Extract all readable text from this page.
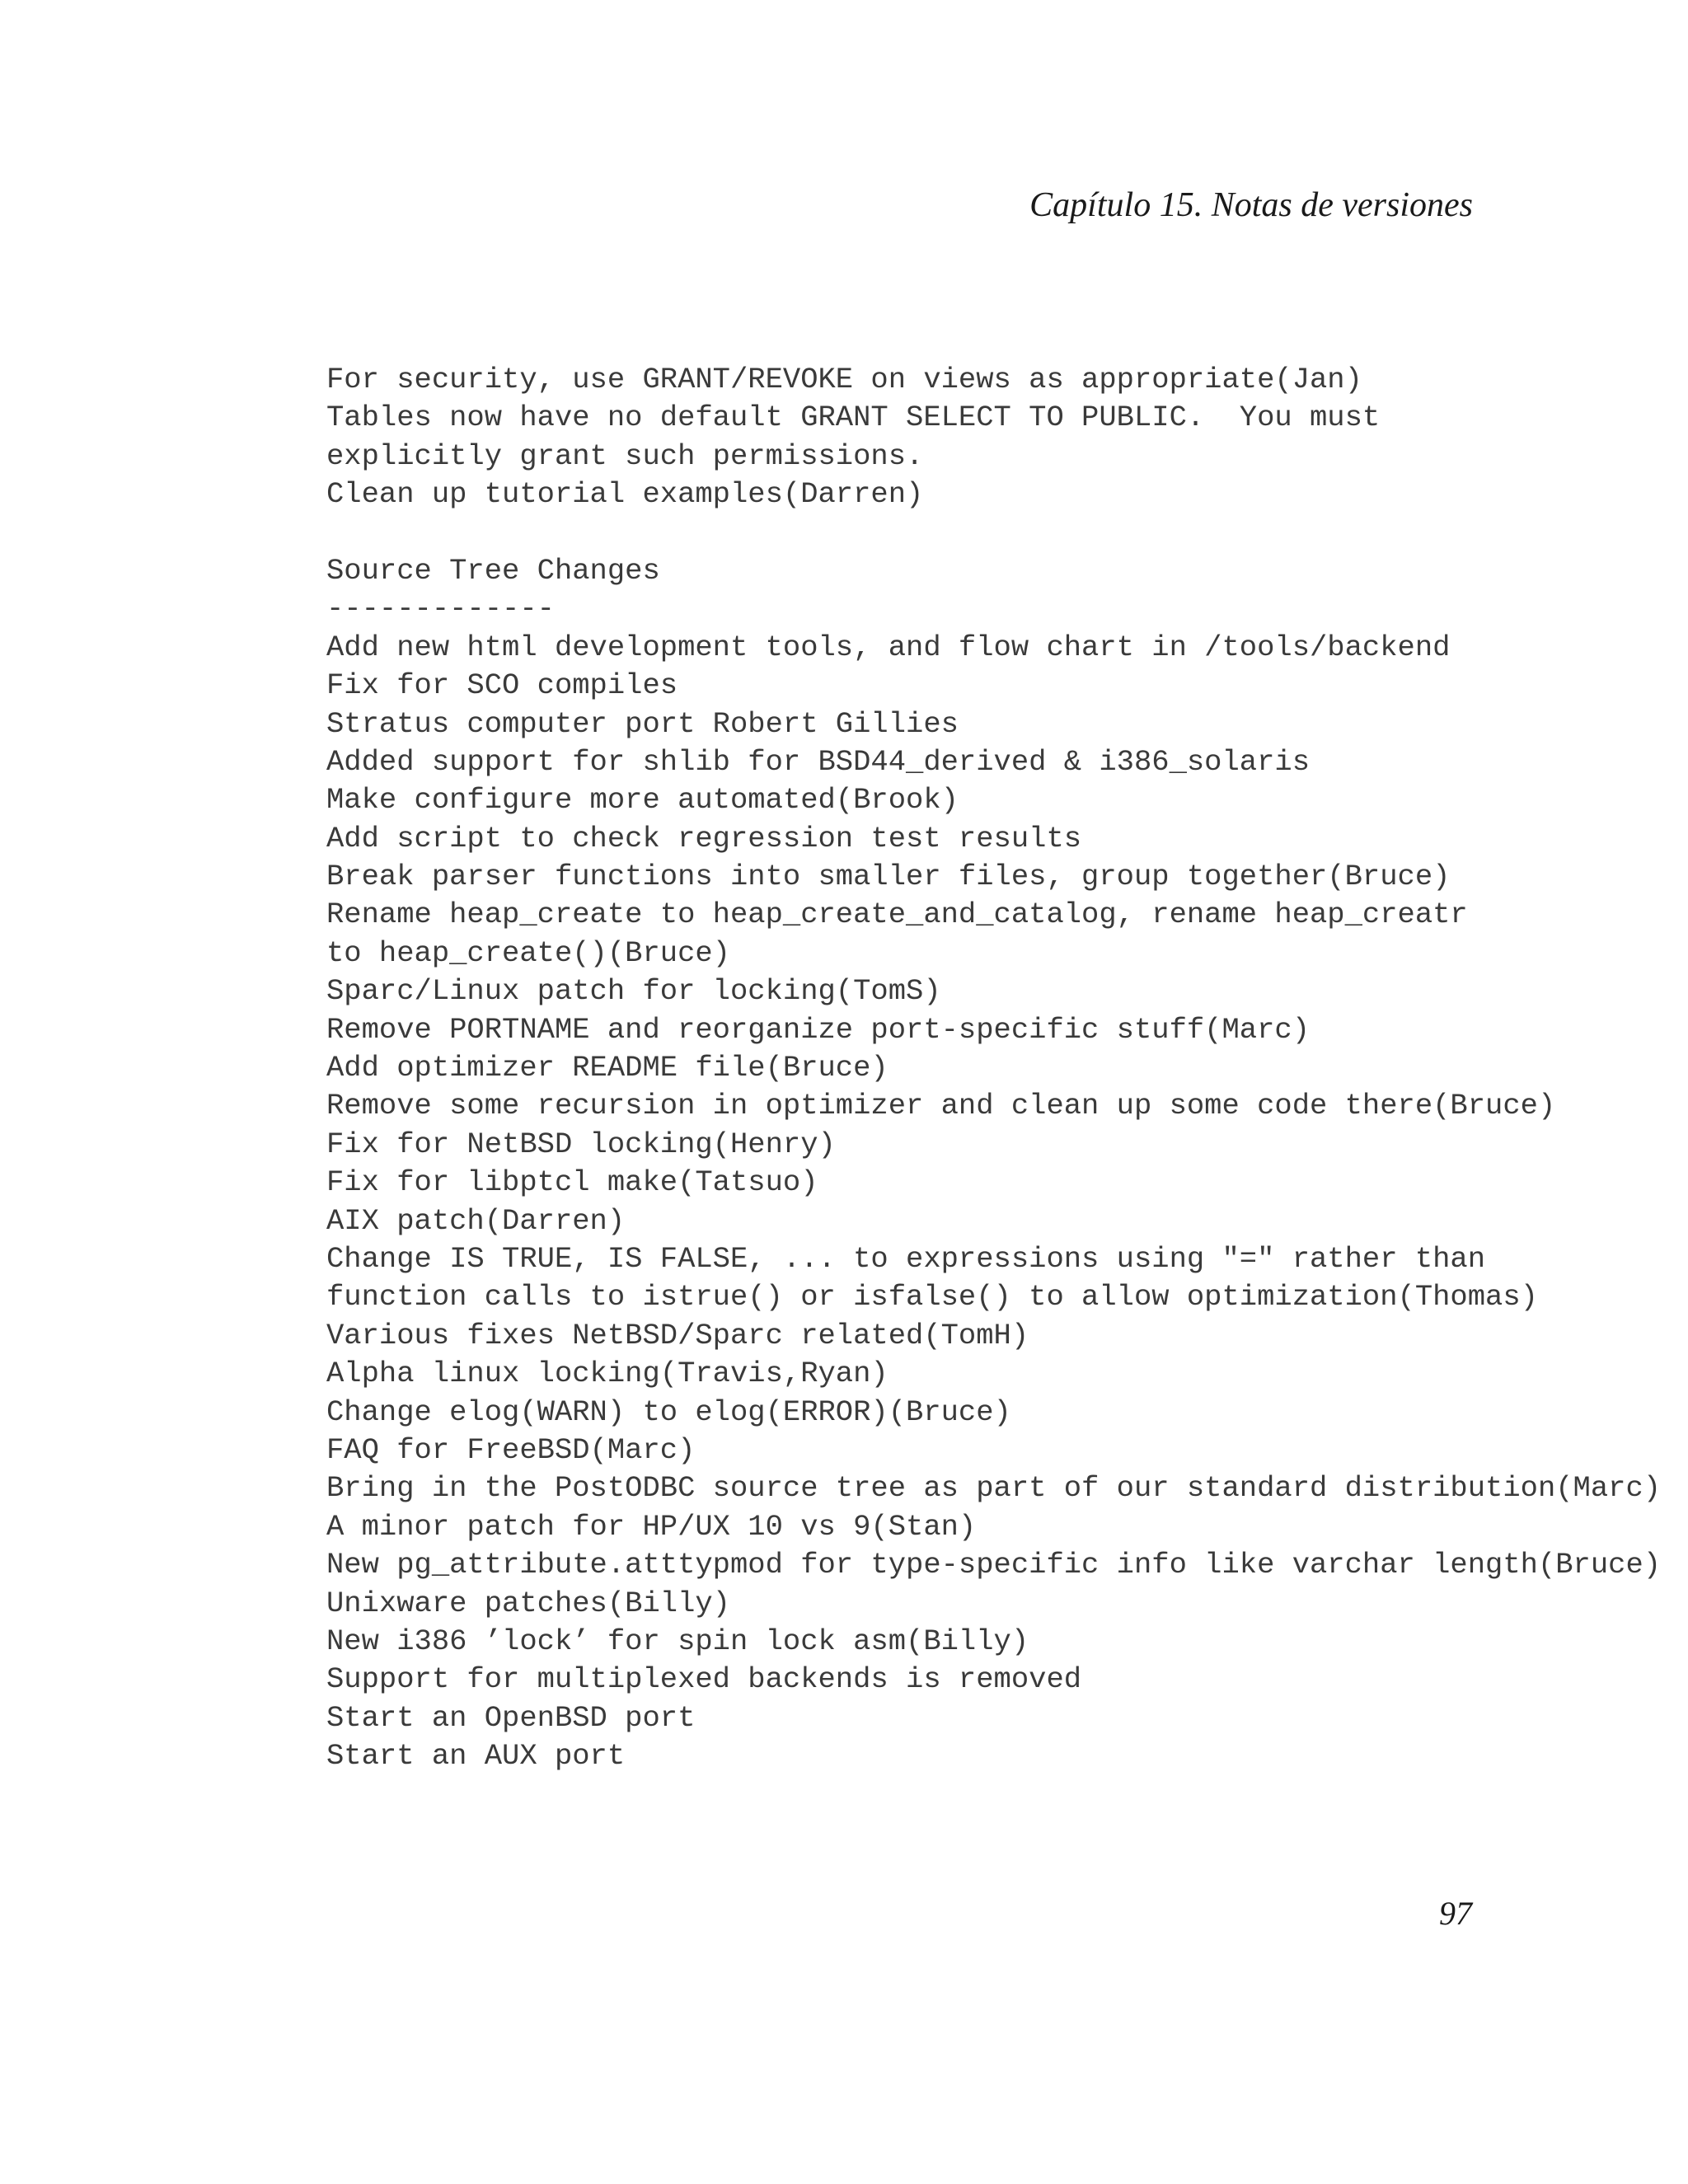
Capítulo 15. Notas de versiones
For security, use GRANT/REVOKE on views as appropriate(Jan)
Tables now have no default GRANT SELECT TO PUBLIC.  You must
explicitly grant such permissions.
Clean up tutorial examples(Darren)
Source Tree Changes
-------------
Add new html development tools, and flow chart in /tools/backend
Fix for SCO compiles
Stratus computer port Robert Gillies
Added support for shlib for BSD44_derived & i386_solaris
Make configure more automated(Brook)
Add script to check regression test results
Break parser functions into smaller files, group together(Bruce)
Rename heap_create to heap_create_and_catalog, rename heap_creatr
to heap_create()(Bruce)
Sparc/Linux patch for locking(TomS)
Remove PORTNAME and reorganize port-specific stuff(Marc)
Add optimizer README file(Bruce)
Remove some recursion in optimizer and clean up some code there(Bruce)
Fix for NetBSD locking(Henry)
Fix for libptcl make(Tatsuo)
AIX patch(Darren)
Change IS TRUE, IS FALSE, ... to expressions using "=" rather than
function calls to istrue() or isfalse() to allow optimization(Thomas)
Various fixes NetBSD/Sparc related(TomH)
Alpha linux locking(Travis,Ryan)
Change elog(WARN) to elog(ERROR)(Bruce)
FAQ for FreeBSD(Marc)
Bring in the PostODBC source tree as part of our standard distribution(Marc)
A minor patch for HP/UX 10 vs 9(Stan)
New pg_attribute.atttypmod for type-specific info like varchar length(Bruce)
Unixware patches(Billy)
New i386 ’lock’ for spin lock asm(Billy)
Support for multiplexed backends is removed
Start an OpenBSD port
Start an AUX port
97
